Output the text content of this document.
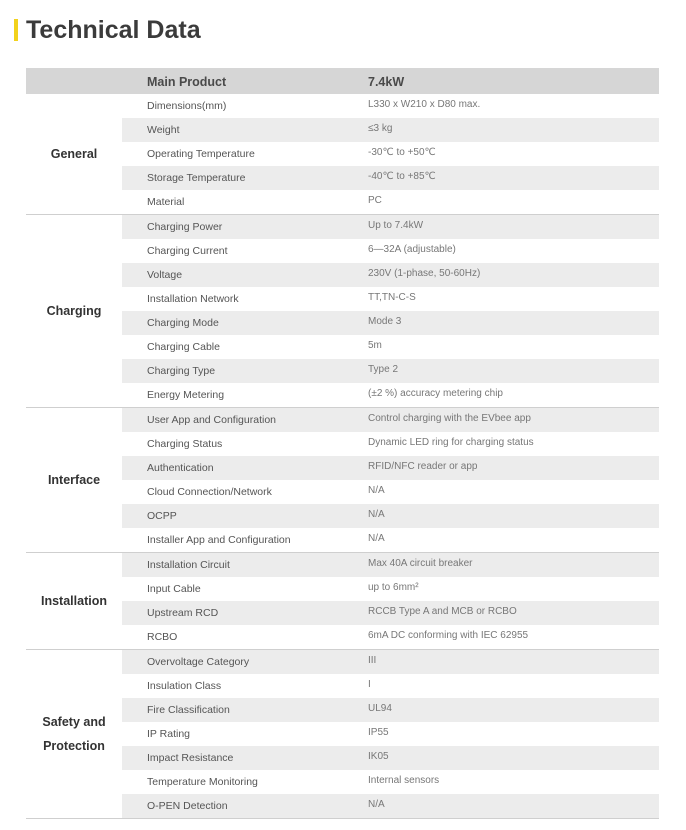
Technical Data
Main Product	7.4kW
General
Dimensions(mm)	L330 x W210 x D80 max.
Weight	≤3 kg
Operating Temperature	-30℃ to +50℃
Storage Temperature	-40℃ to +85℃
Material	PC
Charging
Charging Power	Up to 7.4kW
Charging Current	6—32A (adjustable)
Voltage	230V (1-phase, 50-60Hz)
Installation Network	TT,TN-C-S
Charging Mode	Mode 3
Charging Cable	5m
Charging Type	Type 2
Energy Metering	(±2 %) accuracy metering chip
Interface
User App and Configuration	Control charging with the EVbee app
Charging Status	Dynamic LED ring for charging status
Authentication	RFID/NFC reader or app
Cloud Connection/Network	N/A
OCPP	N/A
Installer App and Configuration	N/A
Installation
Installation Circuit	Max 40A circuit breaker
Input Cable	up to 6mm²
Upstream RCD	RCCB Type A and MCB or RCBO
RCBO	6mA DC conforming with IEC 62955
Safety and Protection
Overvoltage Category	III
Insulation Class	I
Fire Classification	UL94
IP Rating	IP55
Impact Resistance	IK05
Temperature Monitoring	Internal sensors
O-PEN Detection	N/A
